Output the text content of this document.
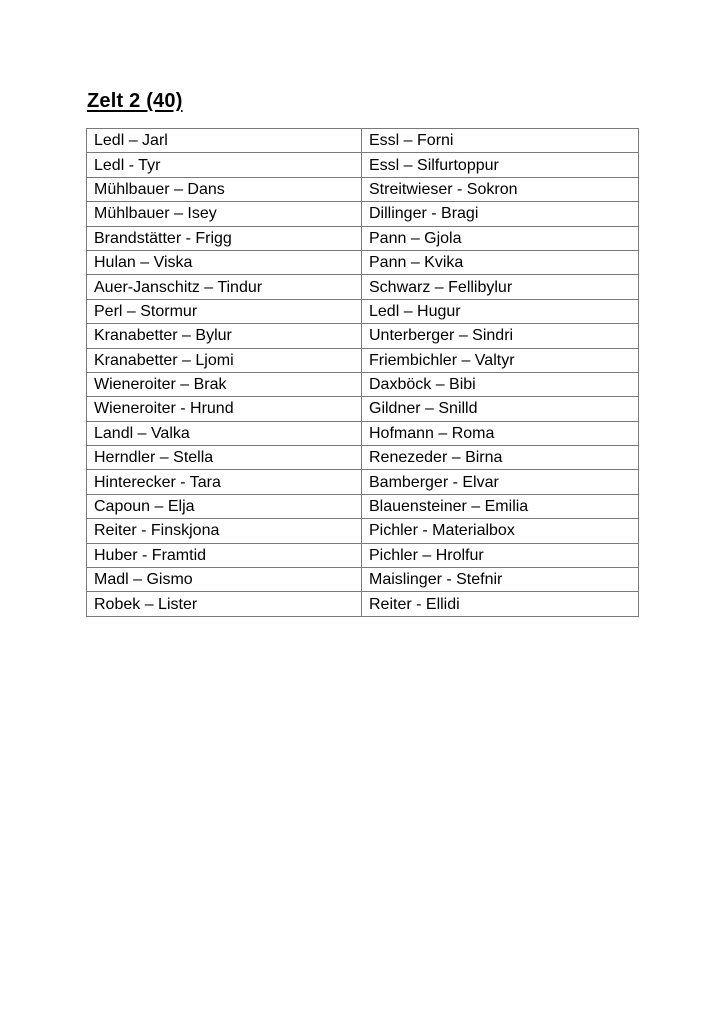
Zelt 2 (40)
Ledl – Jarl	Essl – Forni
Ledl - Tyr	Essl – Silfurtoppur
Mühlbauer – Dans	Streitwieser - Sokron
Mühlbauer – Isey	Dillinger - Bragi
Brandstätter - Frigg	Pann – Gjola
Hulan – Viska	Pann – Kvika
Auer-Janschitz – Tindur	Schwarz – Fellibylur
Perl – Stormur	Ledl – Hugur
Kranabetter – Bylur	Unterberger – Sindri
Kranabetter – Ljomi	Friembichler – Valtyr
Wieneroiter – Brak	Daxböck – Bibi
Wieneroiter - Hrund	Gildner – Snilld
Landl – Valka	Hofmann – Roma
Herndler – Stella	Renezeder – Birna
Hinterecker - Tara	Bamberger - Elvar
Capoun – Elja	Blauensteiner – Emilia
Reiter - Finskjona	Pichler - Materialbox
Huber - Framtid	Pichler – Hrolfur
Madl – Gismo	Maislinger - Stefnir
Robek – Lister	Reiter - Ellidi
